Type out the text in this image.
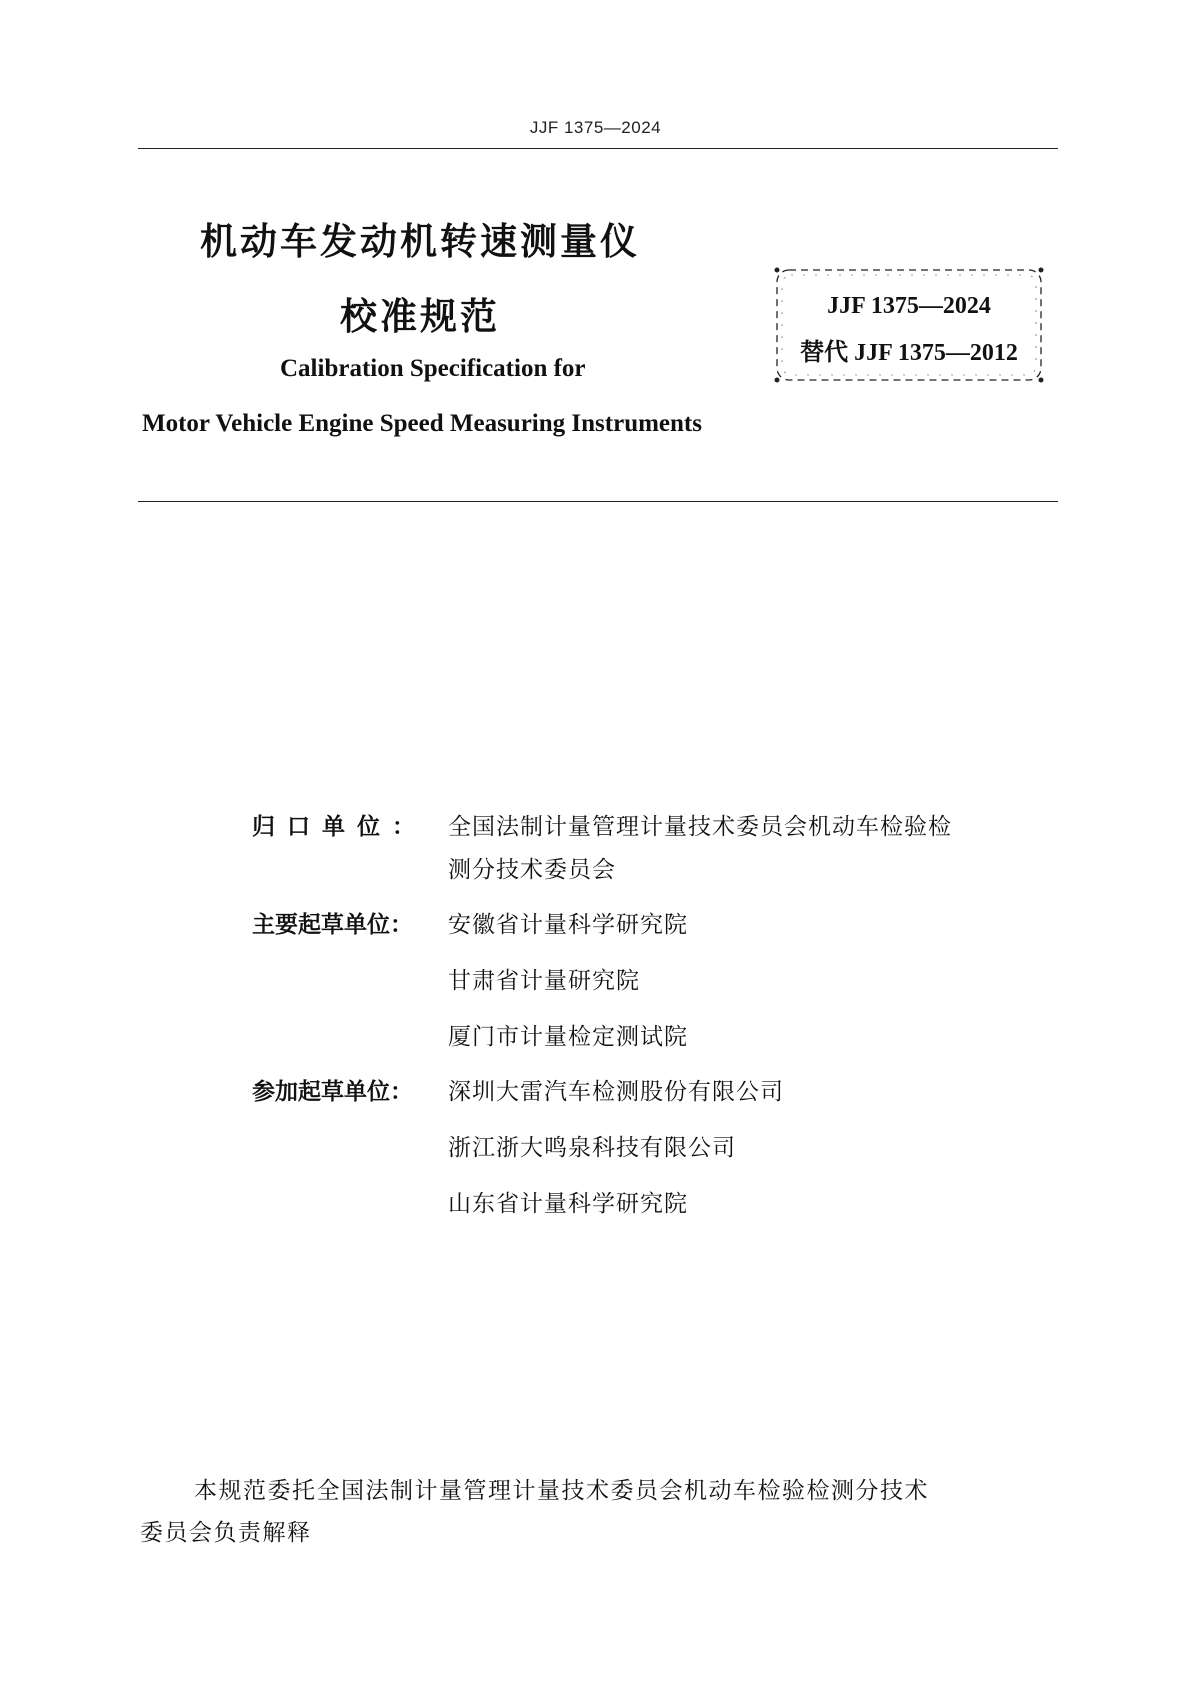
JJF 1375—2024
机动车发动机转速测量仪
校准规范
Calibration Specification for
Motor Vehicle Engine Speed Measuring Instruments
JJF 1375—2024
替代 JJF 1375—2012
归口单位： 全国法制计量管理计量技术委员会机动车检验检
测分技术委员会
主要起草单位：	安徽省计量科学研究院
甘肃省计量研究院
厦门市计量检定测试院
参加起草单位：	深圳大雷汽车检测股份有限公司
浙江浙大鸣泉科技有限公司
山东省计量科学研究院
本规范委托全国法制计量管理计量技术委员会机动车检验检测分技术
委员会负责解释
